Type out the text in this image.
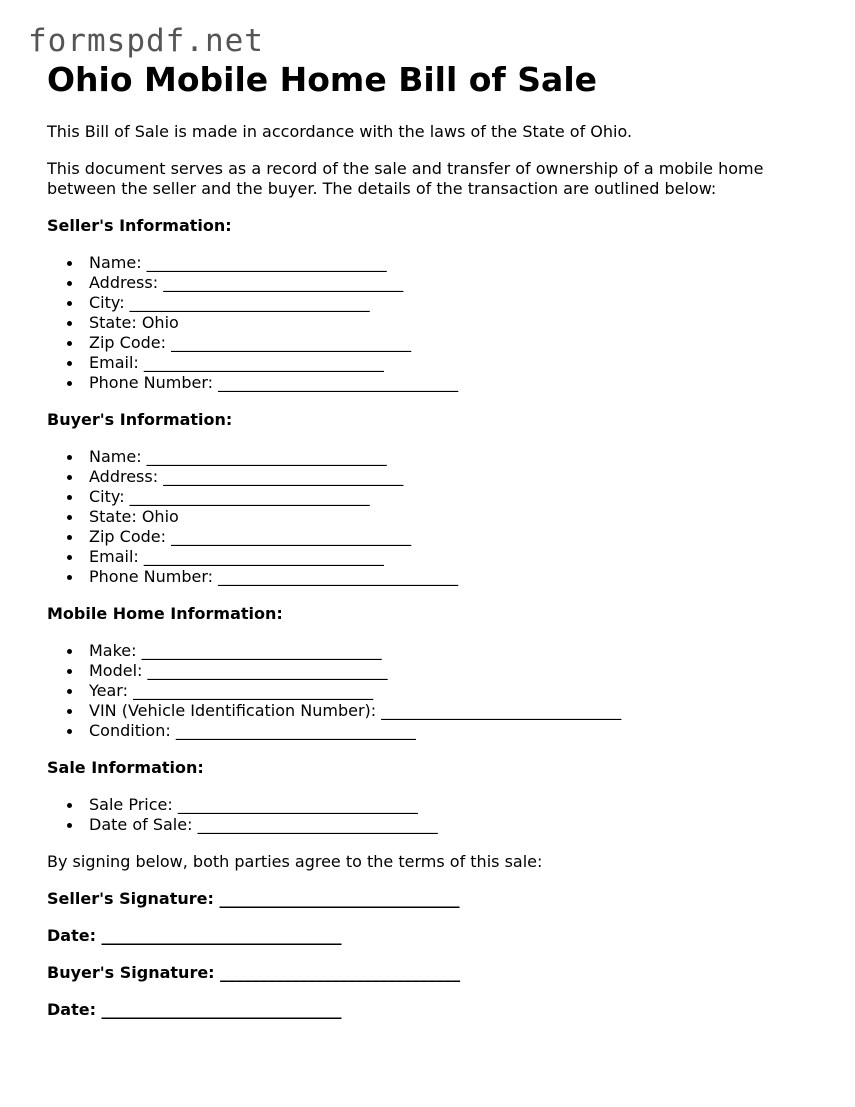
formspdf.net
Ohio Mobile Home Bill of Sale

This Bill of Sale is made in accordance with the laws of the State of Ohio.

This document serves as a record of the sale and transfer of ownership of a mobile home between the seller and the buyer. The details of the transaction are outlined below:

Seller's Information:
Name: ______________________________
Address: ______________________________
City: ______________________________
State: Ohio
Zip Code: ______________________________
Email: ______________________________
Phone Number: ______________________________
Buyer's Information:
Name: ______________________________
Address: ______________________________
City: ______________________________
State: Ohio
Zip Code: ______________________________
Email: ______________________________
Phone Number: ______________________________
Mobile Home Information:
Make: ______________________________
Model: ______________________________
Year: ______________________________
VIN (Vehicle Identification Number): ______________________________
Condition: ______________________________
Sale Information:
Sale Price: ______________________________
Date of Sale: ______________________________

By signing below, both parties agree to the terms of this sale:

Seller's Signature: ______________________________
Date: ______________________________
Buyer's Signature: ______________________________
Date: ______________________________
